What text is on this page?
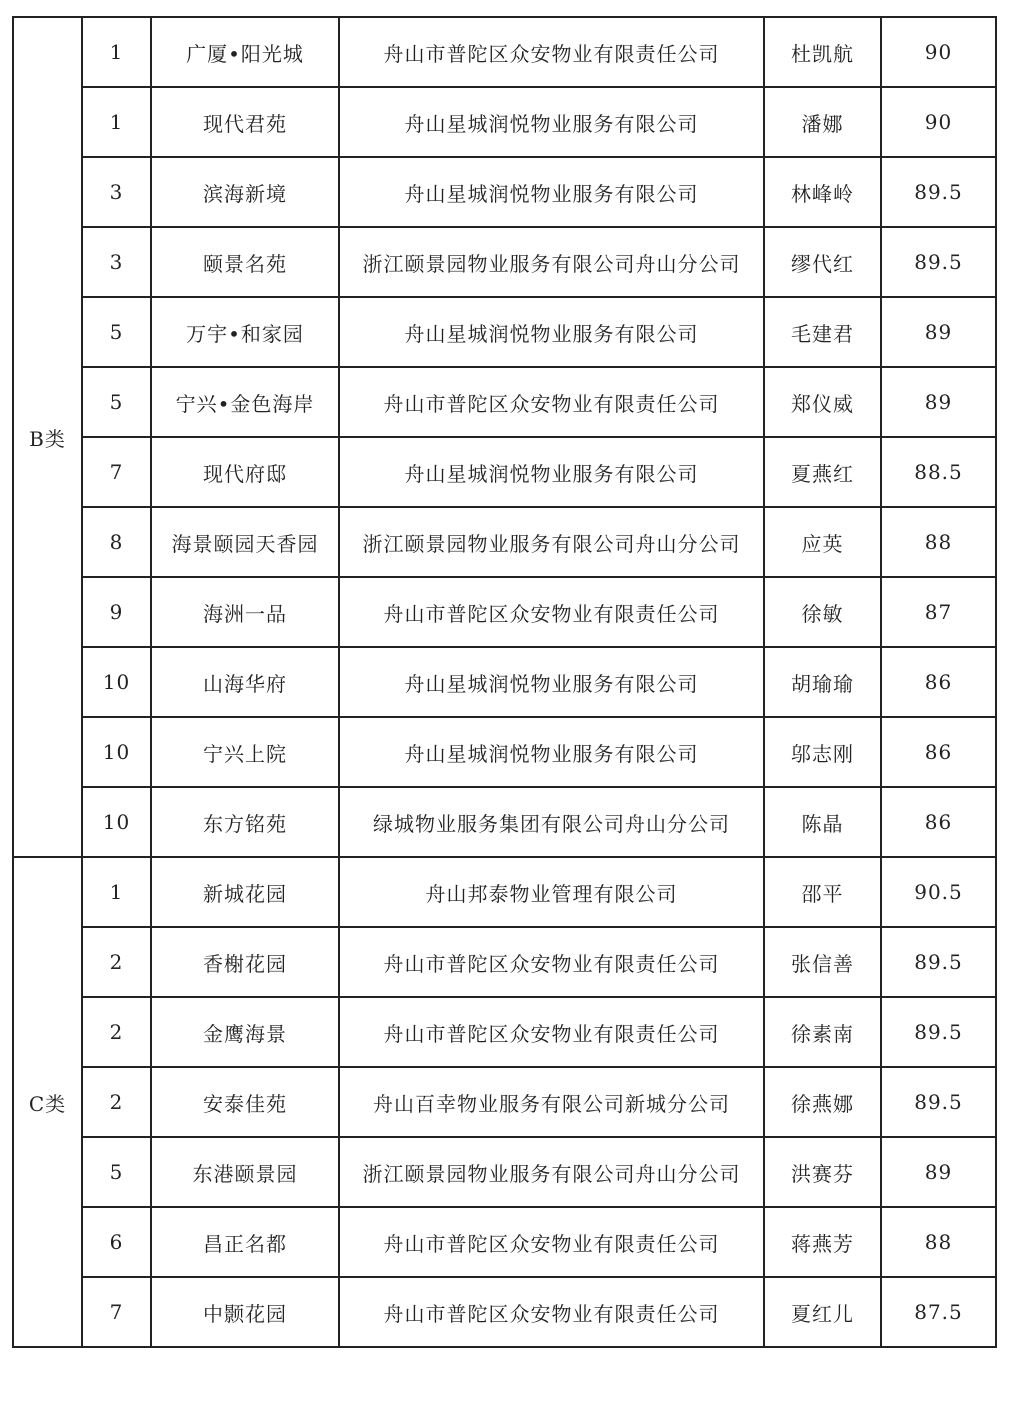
B类	1	广厦•阳光城	舟山市普陀区众安物业有限责任公司	杜凯航	90
	1	现代君苑	舟山星城润悦物业服务有限公司	潘娜	90
	3	滨海新境	舟山星城润悦物业服务有限公司	林峰岭	89.5
	3	颐景名苑	浙江颐景园物业服务有限公司舟山分公司	缪代红	89.5
	5	万宇•和家园	舟山星城润悦物业服务有限公司	毛建君	89
	5	宁兴•金色海岸	舟山市普陀区众安物业有限责任公司	郑仪威	89
	7	现代府邸	舟山星城润悦物业服务有限公司	夏燕红	88.5
	8	海景颐园天香园	浙江颐景园物业服务有限公司舟山分公司	应英	88
	9	海洲一品	舟山市普陀区众安物业有限责任公司	徐敏	87
	10	山海华府	舟山星城润悦物业服务有限公司	胡瑜瑜	86
	10	宁兴上院	舟山星城润悦物业服务有限公司	邬志刚	86
	10	东方铭苑	绿城物业服务集团有限公司舟山分公司	陈晶	86
C类	1	新城花园	舟山邦泰物业管理有限公司	邵平	90.5
	2	香榭花园	舟山市普陀区众安物业有限责任公司	张信善	89.5
	2	金鹰海景	舟山市普陀区众安物业有限责任公司	徐素南	89.5
	2	安泰佳苑	舟山百幸物业服务有限公司新城分公司	徐燕娜	89.5
	5	东港颐景园	浙江颐景园物业服务有限公司舟山分公司	洪赛芬	89
	6	昌正名都	舟山市普陀区众安物业有限责任公司	蒋燕芳	88
	7	中颢花园	舟山市普陀区众安物业有限责任公司	夏红儿	87.5
